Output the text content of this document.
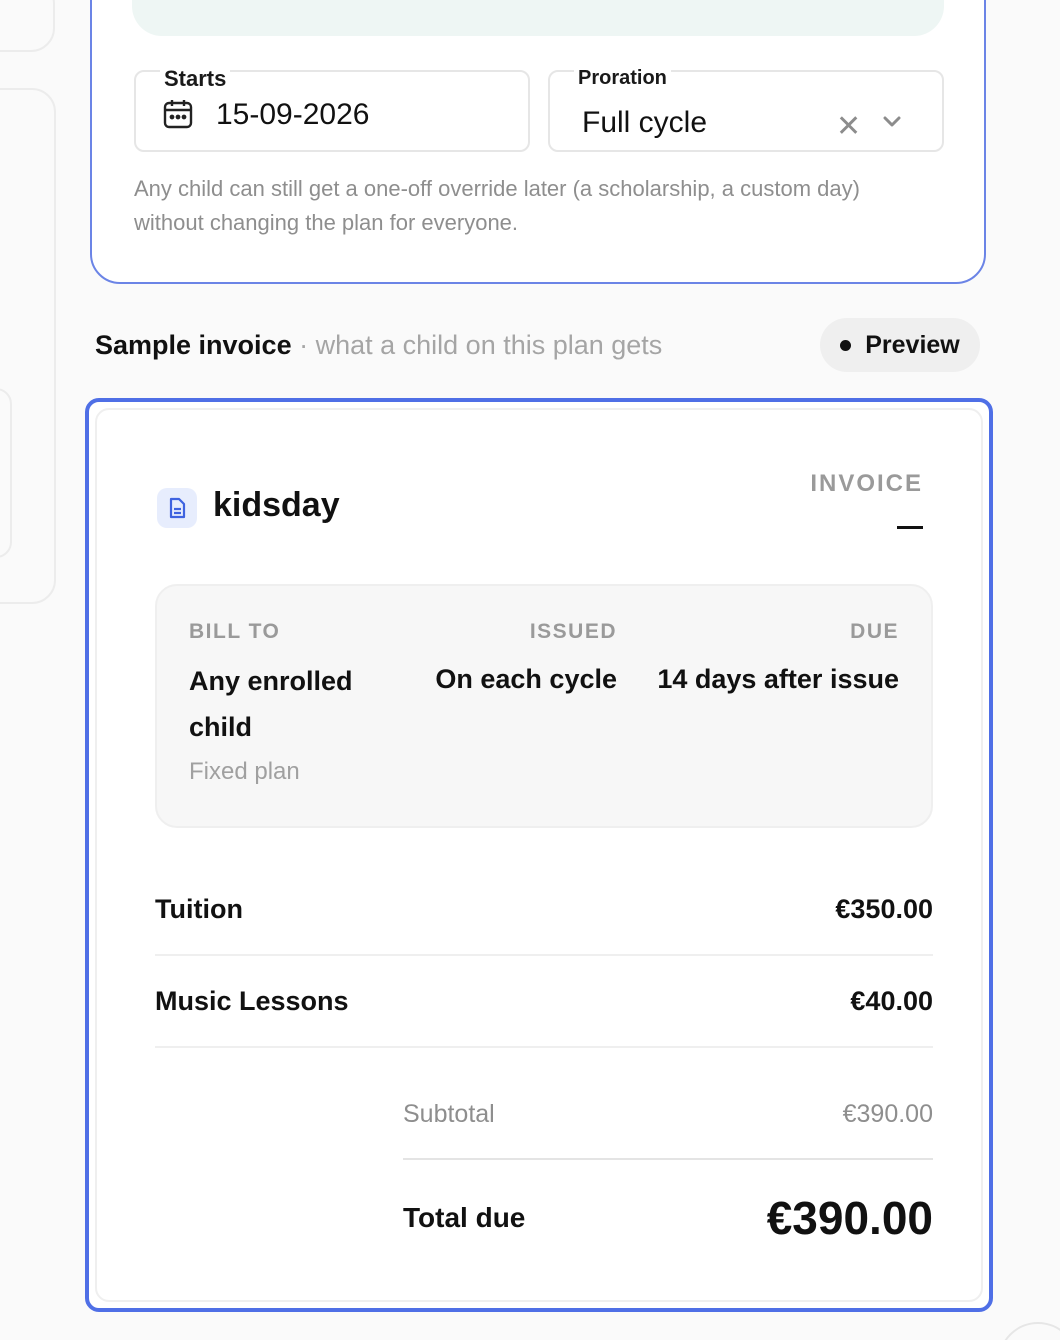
Starts
15-09-2026
Proration
Full cycle	✕

Any child can still get a one-off override later (a scholarship, a custom day) without changing the plan for everyone.

Sample invoice · what a child on this plan gets	Preview
kidsday
INVOICE
BILL TO
Any enrolled child
Fixed plan
ISSUED
On each cycle
DUE
14 days after issue
Tuition	€350.00
Music Lessons	€40.00
Subtotal	€390.00
Total due	€390.00
